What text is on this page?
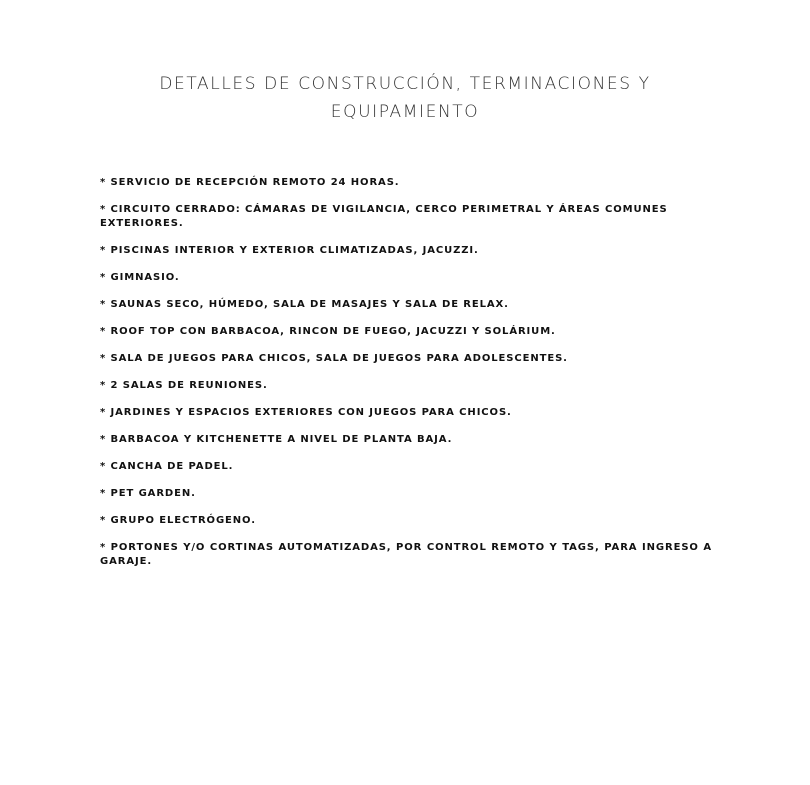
DETALLES DE CONSTRUCCIÓN, TERMINACIONES Y
EQUIPAMIENTO
* SERVICIO DE RECEPCIÓN REMOTO 24 HORAS.
* CIRCUITO CERRADO: CÁMARAS DE VIGILANCIA, CERCO PERIMETRAL Y ÁREAS COMUNES EXTERIORES.
* PISCINAS INTERIOR Y EXTERIOR CLIMATIZADAS, JACUZZI.
* GIMNASIO.
* SAUNAS SECO, HÚMEDO, SALA DE MASAJES Y SALA DE RELAX.
* ROOF TOP CON BARBACOA, RINCON DE FUEGO, JACUZZI Y SOLÁRIUM.
* SALA DE JUEGOS PARA CHICOS, SALA DE JUEGOS PARA ADOLESCENTES.
* 2 SALAS DE REUNIONES.
* JARDINES Y ESPACIOS EXTERIORES CON JUEGOS PARA CHICOS.
* BARBACOA Y KITCHENETTE A NIVEL DE PLANTA BAJA.
* CANCHA DE PADEL.
* PET GARDEN.
* GRUPO ELECTRÓGENO.
* PORTONES Y/O CORTINAS AUTOMATIZADAS, POR CONTROL REMOTO Y TAGS, PARA INGRESO A GARAJE.
